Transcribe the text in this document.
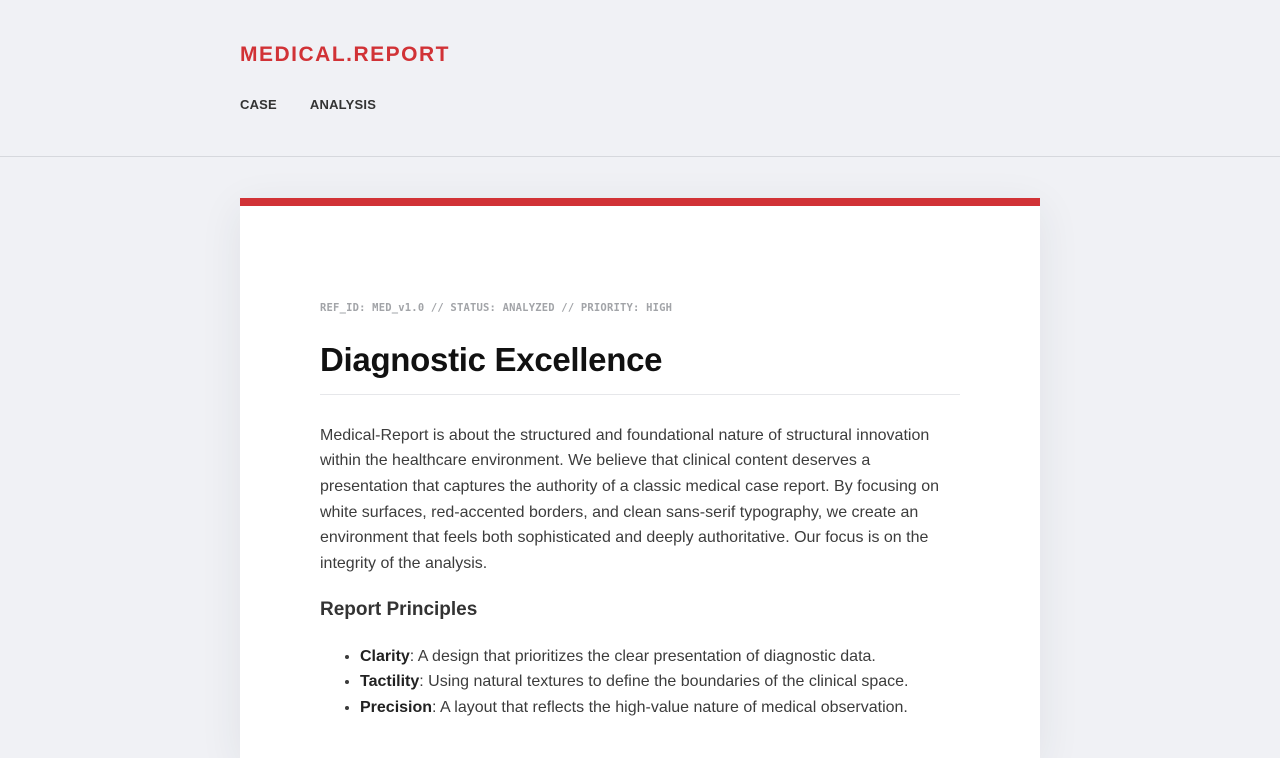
MEDICAL.REPORT
CASE	ANALYSIS
REF_ID: MED_v1.0 // STATUS: ANALYZED // PRIORITY: HIGH
Diagnostic Excellence

Medical-Report is about the structured and foundational nature of structural innovation within the healthcare environment. We believe that clinical content deserves a presentation that captures the authority of a classic medical case report. By focusing on white surfaces, red-accented borders, and clean sans-serif typography, we create an environment that feels both sophisticated and deeply authoritative. Our focus is on the integrity of the analysis.

Report Principles
• Clarity: A design that prioritizes the clear presentation of diagnostic data.
• Tactility: Using natural textures to define the boundaries of the clinical space.
• Precision: A layout that reflects the high-value nature of medical observation.
